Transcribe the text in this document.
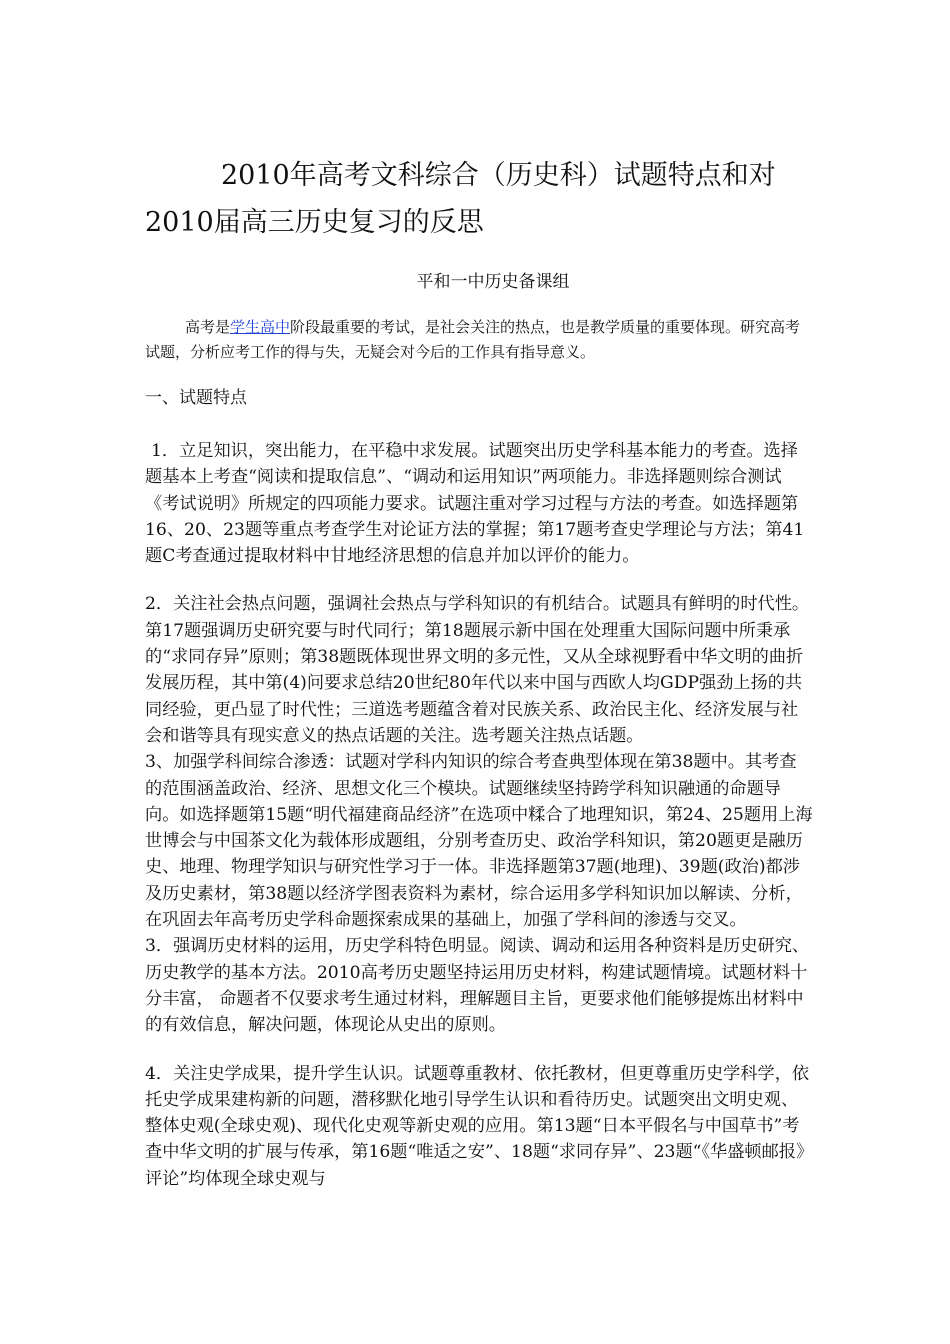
2010年高考文科综合（历史科）试题特点和对2010届高三历史复习的反思
平和一中历史备课组

高考是学生高中阶段最重要的考试，是社会关注的热点，也是教学质量的重要体现。研究高考试题，分析应考工作的得与失，无疑会对今后的工作具有指导意义。

一、试题特点

1．立足知识，突出能力，在平稳中求发展。试题突出历史学科基本能力的考查。选择题基本上考查“阅读和提取信息”、“调动和运用知识”两项能力。非选择题则综合测试《考试说明》所规定的四项能力要求。试题注重对学习过程与方法的考查。如选择题第16、20、23题等重点考查学生对论证方法的掌握；第17题考查史学理论与方法；第41题C考查通过提取材料中甘地经济思想的信息并加以评价的能力。

2．关注社会热点问题，强调社会热点与学科知识的有机结合。试题具有鲜明的时代性。第17题强调历史研究要与时代同行；第18题展示新中国在处理重大国际问题中所秉承的“求同存异”原则；第38题既体现世界文明的多元性，又从全球视野看中华文明的曲折发展历程，其中第(4)问要求总结20世纪80年代以来中国与西欧人均GDP强劲上扬的共同经验，更凸显了时代性；三道选考题蕴含着对民族关系、政治民主化、经济发展与社会和谐等具有现实意义的热点话题的关注。选考题关注热点话题。

3、加强学科间综合渗透：试题对学科内知识的综合考查典型体现在第38题中。其考查的范围涵盖政治、经济、思想文化三个模块。试题继续坚持跨学科知识融通的命题导向。如选择题第15题“明代福建商品经济”在选项中糅合了地理知识，第24、25题用上海世博会与中国茶文化为载体形成题组，分别考查历史、政治学科知识，第20题更是融历史、地理、物理学知识与研究性学习于一体。非选择题第37题(地理)、39题(政治)都涉及历史素材，第38题以经济学图表资料为素材，综合运用多学科知识加以解读、分析，在巩固去年高考历史学科命题探索成果的基础上，加强了学科间的渗透与交叉。

3．强调历史材料的运用，历史学科特色明显。阅读、调动和运用各种资料是历史研究、历史教学的基本方法。2010高考历史题坚持运用历史材料，构建试题情境。试题材料十分丰富， 命题者不仅要求考生通过材料，理解题目主旨，更要求他们能够提炼出材料中的有效信息，解决问题，体现论从史出的原则。

4．关注史学成果，提升学生认识。试题尊重教材、依托教材，但更尊重历史学科学，依托史学成果建构新的问题，潜移默化地引导学生认识和看待历史。试题突出文明史观、整体史观(全球史观)、现代化史观等新史观的应用。第13题“日本平假名与中国草书”考查中华文明的扩展与传承，第16题“唯适之安”、18题“求同存异”、23题“《华盛顿邮报》评论”均体现全球史观与
